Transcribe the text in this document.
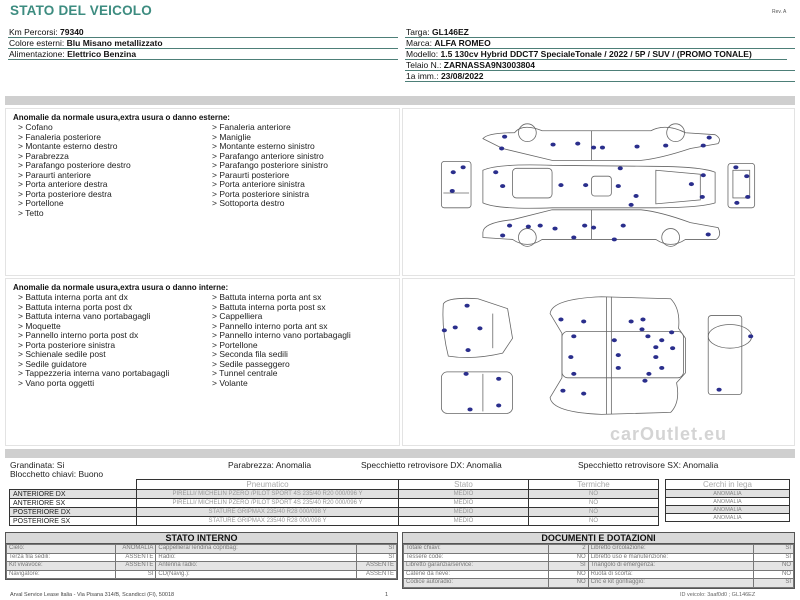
STATO DEL VEICOLO	Rev. A
Km Percorsi: 79340
Colore esterni: Blu Misano metallizzato
Alimentazione: Elettrico Benzina
Targa: GL146EZ
Marca: ALFA ROMEO
Modello: 1.5 130cv Hybrid DDCT7 SpecialeTonale / 2022 / 5P / SUV / (PROMO TONALE)
Telaio N.: ZARNASSA9N3003804
1a imm.: 23/08/2022
Anomalie da normale usura,extra usura o danno esterne:
> Cofano
> Fanaleria posteriore
> Montante esterno destro
> Parabrezza
> Parafango posteriore destro
> Paraurti anteriore
> Porta anteriore destra
> Porta posteriore destra
> Portellone
> Tetto
> Fanaleria anteriore
> Maniglie
> Montante esterno sinistro
> Parafango anteriore sinistro
> Parafango posteriore sinistro
> Paraurti posteriore
> Porta anteriore sinistra
> Porta posteriore sinistra
> Sottoporta destro
Anomalie da normale usura,extra usura o danno interne:
> Battuta interna porta ant dx
> Battuta interna porta post dx
> Battuta interna vano portabagagli
> Moquette
> Pannello interno porta post dx
> Porta posteriore sinistra
> Schienale sedile post
> Sedile guidatore
> Tappezzeria interna vano portabagagli
> Vano porta oggetti
> Battuta interna porta ant sx
> Battuta interna porta post sx
> Cappelliera
> Pannello interno porta ant sx
> Pannello interno vano portabagagli
> Portellone
> Seconda fila sedili
> Sedile passeggero
> Tunnel centrale
> Volante
carOutlet.eu
Grandinata: Si
Blocchetto chiavi: Buono
Parabrezza: Anomalia	Specchietto retrovisore DX: Anomalia	Specchietto retrovisore SX: Anomalia
	Pneumatico	Stato	Termiche
ANTERIORE DX	PIRELLI/ MICHELIN PZERO /PILOT SPORT 4S 235/40 R20 000/096 Y	MEDIO	NO
ANTERIORE SX	PIRELLI/ MICHELIN PZERO /PILOT SPORT 4S 235/40 R20 000/096 Y	MEDIO	NO
POSTERIORE DX	STATURE GRIPMAX 235/40 R28 000/098 Y	MEDIO	NO
POSTERIORE SX	STATURE GRIPMAX 235/40 R28 000/098 Y	MEDIO	NO
Cerchi in lega
ANOMALIA
ANOMALIA
ANOMALIA
ANOMALIA
STATO INTERNO
Cielo:	ANOMALIA	Cappelliera/Tendina copribag:	SI
Terza fila sedili:	ASSENTE	Radio:	SI
Kit vivavoce:	ASSENTE	Antenna radio:	ASSENTE
Navigatore:	SI	CD(Navig.):	ASSENTE
DOCUMENTI E DOTAZIONI
Totale chiavi:	2	Libretto circolazione:	SI
Tessere code:	NO	Libretto uso e manutenzione:	SI
Libretto garanzia/service:	SI	Triangolo di emergenza:	NO
Catene da neve:	NO	Ruota di scorta:	NO
Codice autoradio:	NO	Cric e kit gonfiaggio:	SI
Arval Service Lease Italia - Via Pisana 314/B, Scandicci (FI), 50018	1	ID veicolo: 3aaf0d0 ; GL146EZ
